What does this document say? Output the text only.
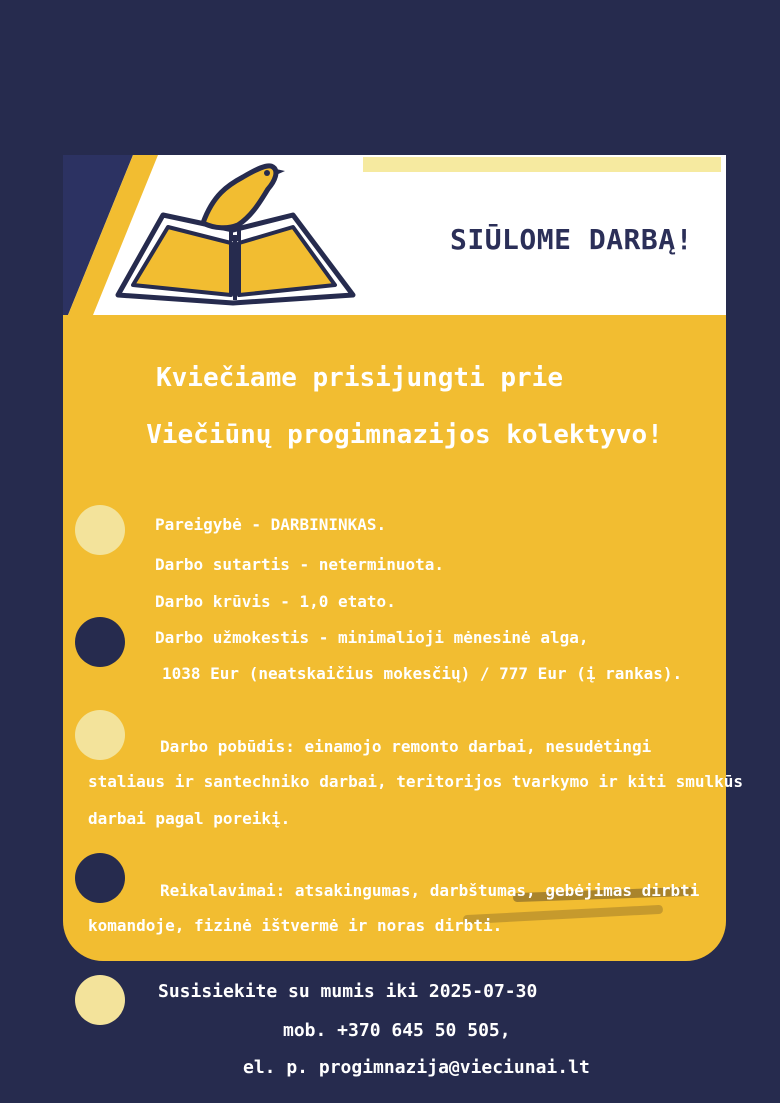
SIŪLOME DARBĄ!
Kviečiame prisijungti prie
Viečiūnų progimnazijos kolektyvo!
Pareigybė - DARBININKAS.
Darbo sutartis - neterminuota.
Darbo krūvis - 1,0 etato.
Darbo užmokestis - minimalioji mėnesinė alga,
1038 Eur (neatskaičius mokesčių) / 777 Eur (į rankas).
Darbo pobūdis: einamojo remonto darbai, nesudėtingi
staliaus ir santechniko darbai, teritorijos tvarkymo ir kiti smulkūs
darbai pagal poreikį.
Reikalavimai: atsakingumas, darbštumas, gebėjimas dirbti
komandoje, fizinė ištvermė ir noras dirbti.
Susisiekite su mumis iki 2025-07-30
mob. +370 645 50 505,
el. p. progimnazija@vieciunai.lt
